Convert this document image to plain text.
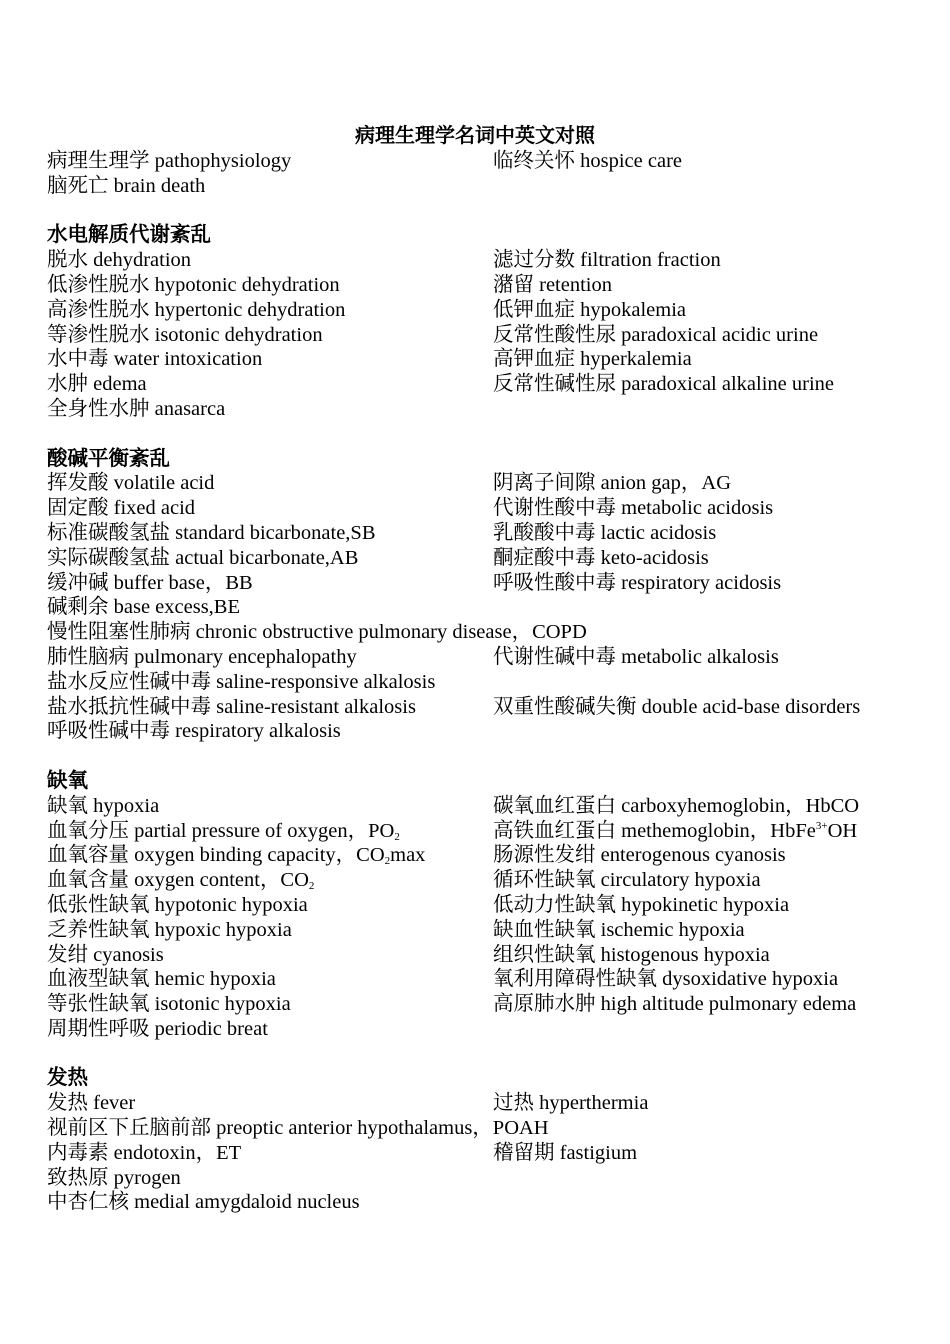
病理生理学名词中英文对照
病理生理学 pathophysiology	临终关怀 hospice care
脑死亡 brain death
水电解质代谢紊乱
脱水 dehydration	滤过分数 filtration fraction
低渗性脱水 hypotonic dehydration	潴留 retention
高渗性脱水 hypertonic dehydration	低钾血症 hypokalemia
等渗性脱水 isotonic dehydration	反常性酸性尿 paradoxical acidic urine
水中毒 water intoxication	高钾血症 hyperkalemia
水肿 edema	反常性碱性尿 paradoxical alkaline urine
全身性水肿 anasarca
酸碱平衡紊乱
挥发酸 volatile acid	阴离子间隙 anion gap，AG
固定酸 fixed acid	代谢性酸中毒 metabolic acidosis
标准碳酸氢盐 standard bicarbonate,SB	乳酸酸中毒 lactic acidosis
实际碳酸氢盐 actual bicarbonate,AB	酮症酸中毒 keto-acidosis
缓冲碱 buffer base，BB	呼吸性酸中毒 respiratory acidosis
碱剩余 base excess,BE
慢性阻塞性肺病 chronic obstructive pulmonary disease，COPD
肺性脑病 pulmonary encephalopathy	代谢性碱中毒 metabolic alkalosis
盐水反应性碱中毒 saline-responsive alkalosis
盐水抵抗性碱中毒 saline-resistant alkalosis	双重性酸碱失衡 double acid-base disorders
呼吸性碱中毒 respiratory alkalosis
缺氧
缺氧 hypoxia	碳氧血红蛋白 carboxyhemoglobin，HbCO
血氧分压 partial pressure of oxygen，$PO_2$	高铁血红蛋白 methemoglobin，HbFe$^{3+}$OH
血氧容量 oxygen binding capacity，$CO_2\max$	肠源性发绀 enterogenous cyanosis
血氧含量 oxygen content，$CO_2$	循环性缺氧 circulatory hypoxia
低张性缺氧 hypotonic hypoxia	低动力性缺氧 hypokinetic hypoxia
乏养性缺氧 hypoxic hypoxia	缺血性缺氧 ischemic hypoxia
发绀 cyanosis	组织性缺氧 histogenous hypoxia
血液型缺氧 hemic hypoxia	氧利用障碍性缺氧 dysoxidative hypoxia
等张性缺氧 isotonic hypoxia	高原肺水肿 high altitude pulmonary edema
周期性呼吸 periodic breat
发热
发热 fever	过热 hyperthermia
视前区下丘脑前部 preoptic anterior hypothalamus，POAH
内毒素 endotoxin，ET	稽留期 fastigium
致热原 pyrogen
中杏仁核 medial amygdaloid nucleus
